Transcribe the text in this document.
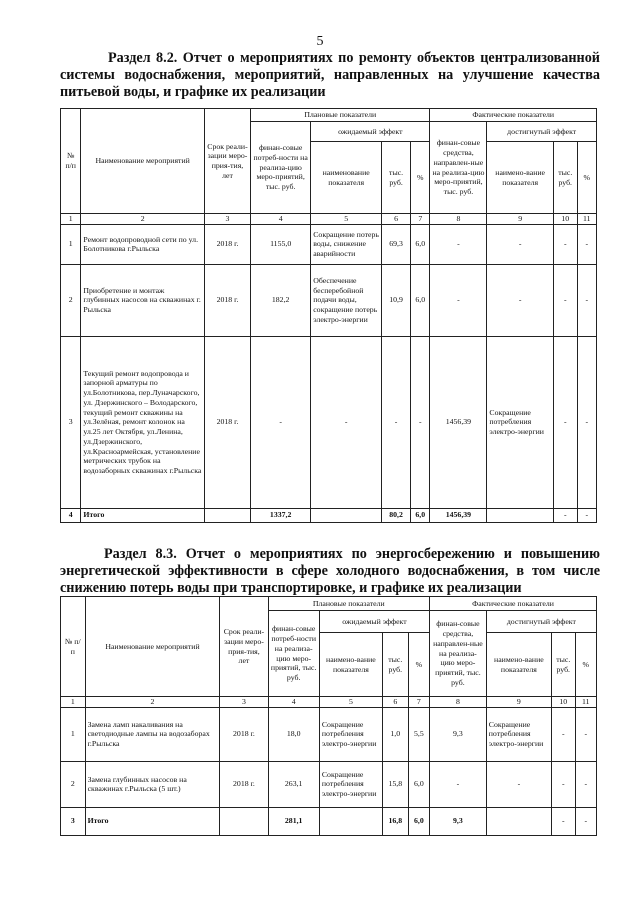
5
Раздел 8.2. Отчет о мероприятиях по ремонту объектов централизованной системы водоснабжения, мероприятий, направленных на улучшение качества питьевой воды, и графике их реализации
№ п/п	Наименование мероприятий	Срок реали-зации меро-прия-тия, лет	Плановые показатели				Фактические показатели			
			финан-совые потреб-ности на реализа-цию меро-приятий, тыс. руб.	ожидаемый эффект			финан-совые средства, направлен-ные на реализа-цию меро-приятий, тыс. руб.	достигнутый эффект		
				наименование показателя	тыс. руб.	%		наимено-вание показателя	тыс. руб.	%
1	2	3	4	5	6	7	8	9	10	11
1	Ремонт водопроводной сети по ул. Болотникова г.Рыльска	2018 г.	1155,0	Сокращение потерь воды, снижение аварийности	69,3	6,0	-	-	-	-
2	Приобретение и монтаж глубинных насосов на скважинах г. Рыльска	2018 г.	182,2	Обеспечение бесперебойной подачи воды, сокращение потерь электро-энергии	10,9	6,0	-	-	-	-
3	Текущий ремонт водопровода и запорной арматуры по ул.Болотникова, пер.Луначарского, ул. Дзержинского – Володарского, текущий ремонт скважины на ул.Зелёная, ремонт колонок на ул.25 лет Октября, ул.Ленина, ул.Дзержинского, ул.Красноармейская, установление метрических трубок на водозаборных скважинах г.Рыльска	2018 г.	-	-	-	-	1456,39	Сокращение потребления электро-энергии	-	-
4	Итого		1337,2		80,2	6,0	1456,39		-	-
Раздел 8.3. Отчет о мероприятиях по энергосбережению и повышению энергетической эффективности в сфере холодного водоснабжения, в том числе снижению потерь воды при транспортировке, и графике их реализации
№ п/п	Наименование мероприятий	Срок реали-зации меро-прия-тия, лет	Плановые показатели				Фактические показатели			
			финан-совые потреб-ности на реализа-цию меро-приятий, тыс. руб.	ожидаемый эффект			финан-совые средства, направлен-ные на реализа-цию меро-приятий, тыс. руб.	достигнутый эффект		
				наимено-вание показателя	тыс. руб.	%		наимено-вание показателя	тыс. руб.	%
1	2	3	4	5	6	7	8	9	10	11
1	Замена ламп накаливания на светодиодные лампы на водозаборах г.Рыльска	2018 г.	18,0	Сокращение потребления электро-энергии	1,0	5,5	9,3	Сокращение потребления электро-энергии	-	-
2	Замена глубинных насосов на скважинах г.Рыльска (5 шт.)	2018 г.	263,1	Сокращение потребления электро-энергии	15,8	6,0	-	-	-	-
3	Итого		281,1		16,8	6,0	9,3		-	-
